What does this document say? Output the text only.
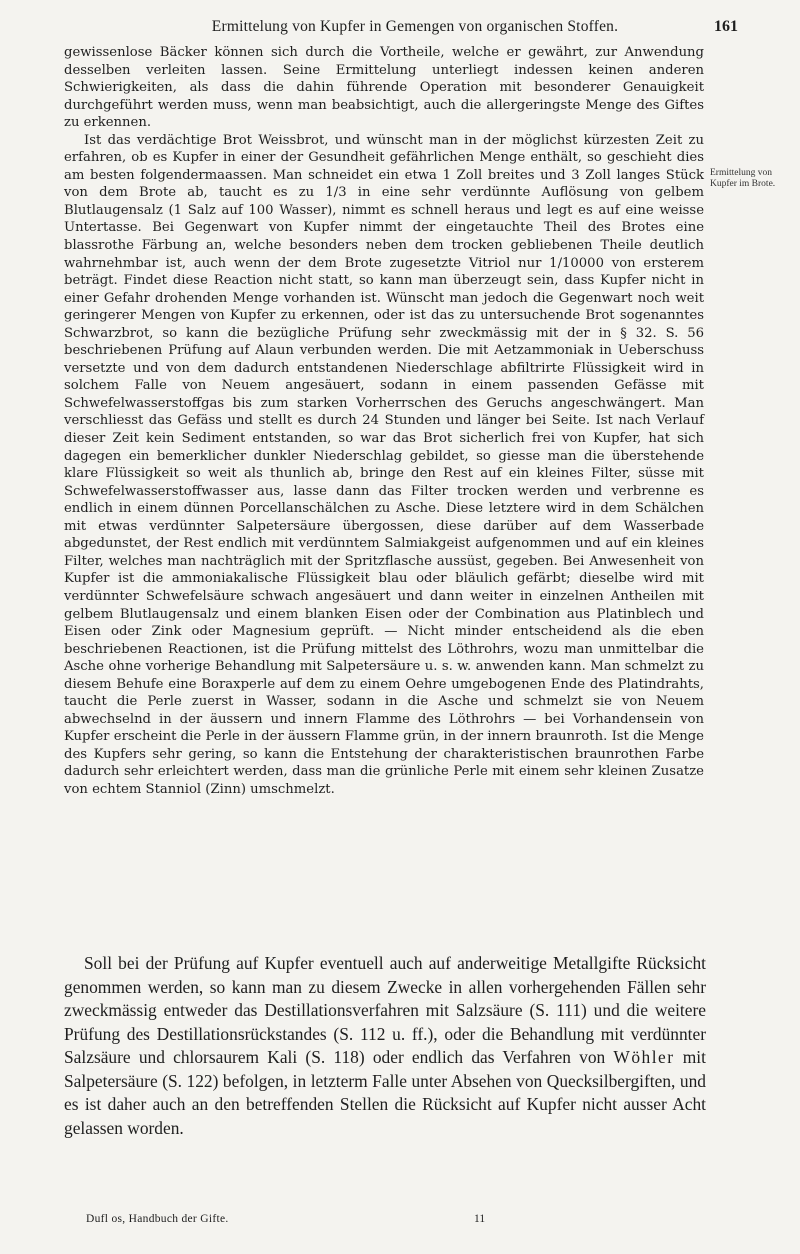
Ermittelung von Kupfer in Gemengen von organischen Stoffen.	161
Ermittelung von Kupfer im Brote.

gewissenlose Bäcker können sich durch die Vortheile, welche er gewährt, zur Anwendung desselben verleiten lassen. Seine Ermittelung unterliegt indessen keinen anderen Schwierigkeiten, als dass die dahin führende Operation mit besonderer Genauigkeit durchgeführt werden muss, wenn man beabsichtigt, auch die allergeringste Menge des Giftes zu erkennen.

Ist das verdächtige Brot Weissbrot, und wünscht man in der möglichst kürzesten Zeit zu erfahren, ob es Kupfer in einer der Gesundheit gefährlichen Menge enthält, so geschieht dies am besten folgendermaassen. Man schneidet ein etwa 1 Zoll breites und 3 Zoll langes Stück von dem Brote ab, taucht es zu 1/3 in eine sehr verdünnte Auflösung von gelbem Blutlaugensalz (1 Salz auf 100 Wasser), nimmt es schnell heraus und legt es auf eine weisse Untertasse. Bei Gegenwart von Kupfer nimmt der eingetauchte Theil des Brotes eine blassrothe Färbung an, welche besonders neben dem trocken gebliebenen Theile deutlich wahrnehmbar ist, auch wenn der dem Brote zugesetzte Vitriol nur 1/10000 von ersterem beträgt. Findet diese Reaction nicht statt, so kann man überzeugt sein, dass Kupfer nicht in einer Gefahr drohenden Menge vorhanden ist. Wünscht man jedoch die Gegenwart noch weit geringerer Mengen von Kupfer zu erkennen, oder ist das zu untersuchende Brot sogenanntes Schwarzbrot, so kann die bezügliche Prüfung sehr zweckmässig mit der in § 32. S. 56 beschriebenen Prüfung auf Alaun verbunden werden. Die mit Aetzammoniak in Ueberschuss versetzte und von dem dadurch entstandenen Niederschlage abfiltrirte Flüssigkeit wird in solchem Falle von Neuem angesäuert, sodann in einem passenden Gefässe mit Schwefelwasserstoffgas bis zum starken Vorherrschen des Geruchs angeschwängert. Man verschliesst das Gefäss und stellt es durch 24 Stunden und länger bei Seite. Ist nach Verlauf dieser Zeit kein Sediment entstanden, so war das Brot sicherlich frei von Kupfer, hat sich dagegen ein bemerklicher dunkler Niederschlag gebildet, so giesse man die überstehende klare Flüssigkeit so weit als thunlich ab, bringe den Rest auf ein kleines Filter, süsse mit Schwefelwasserstoffwasser aus, lasse dann das Filter trocken werden und verbrenne es endlich in einem dünnen Porcellanschälchen zu Asche. Diese letztere wird in dem Schälchen mit etwas verdünnter Salpetersäure übergossen, diese darüber auf dem Wasserbade abgedunstet, der Rest endlich mit verdünntem Salmiakgeist aufgenommen und auf ein kleines Filter, welches man nachträglich mit der Spritzflasche aussüst, gegeben. Bei Anwesenheit von Kupfer ist die ammoniakalische Flüssigkeit blau oder bläulich gefärbt; dieselbe wird mit verdünnter Schwefelsäure schwach angesäuert und dann weiter in einzelnen Antheilen mit gelbem Blutlaugensalz und einem blanken Eisen oder der Combination aus Platinblech und Eisen oder Zink oder Magnesium geprüft. — Nicht minder entscheidend als die eben beschriebenen Reactionen, ist die Prüfung mittelst des Löthrohrs, wozu man unmittelbar die Asche ohne vorherige Behandlung mit Salpetersäure u. s. w. anwenden kann. Man schmelzt zu diesem Behufe eine Boraxperle auf dem zu einem Oehre umgebogenen Ende des Platindrahts, taucht die Perle zuerst in Wasser, sodann in die Asche und schmelzt sie von Neuem abwechselnd in der äussern und innern Flamme des Löthrohrs — bei Vorhandensein von Kupfer erscheint die Perle in der äussern Flamme grün, in der innern braunroth. Ist die Menge des Kupfers sehr gering, so kann die Entstehung der charakteristischen braunrothen Farbe dadurch sehr erleichtert werden, dass man die grünliche Perle mit einem sehr kleinen Zusatze von echtem Stanniol (Zinn) umschmelzt.

Soll bei der Prüfung auf Kupfer eventuell auch auf anderweitige Metallgifte Rücksicht genommen werden, so kann man zu diesem Zwecke in allen vorhergehenden Fällen sehr zweckmässig entweder das Destillationsverfahren mit Salzsäure (S. 111) und die weitere Prüfung des Destillationsrückstandes (S. 112 u. ff.), oder die Behandlung mit verdünnter Salzsäure und chlorsaurem Kali (S. 118) oder endlich das Verfahren von Wöhler mit Salpetersäure (S. 122) befolgen, in letzterm Falle unter Absehen von Quecksilbergiften, und es ist daher auch an den betreffenden Stellen die Rücksicht auf Kupfer nicht ausser Acht gelassen worden.

Dufl os, Handbuch der Gifte.	11
